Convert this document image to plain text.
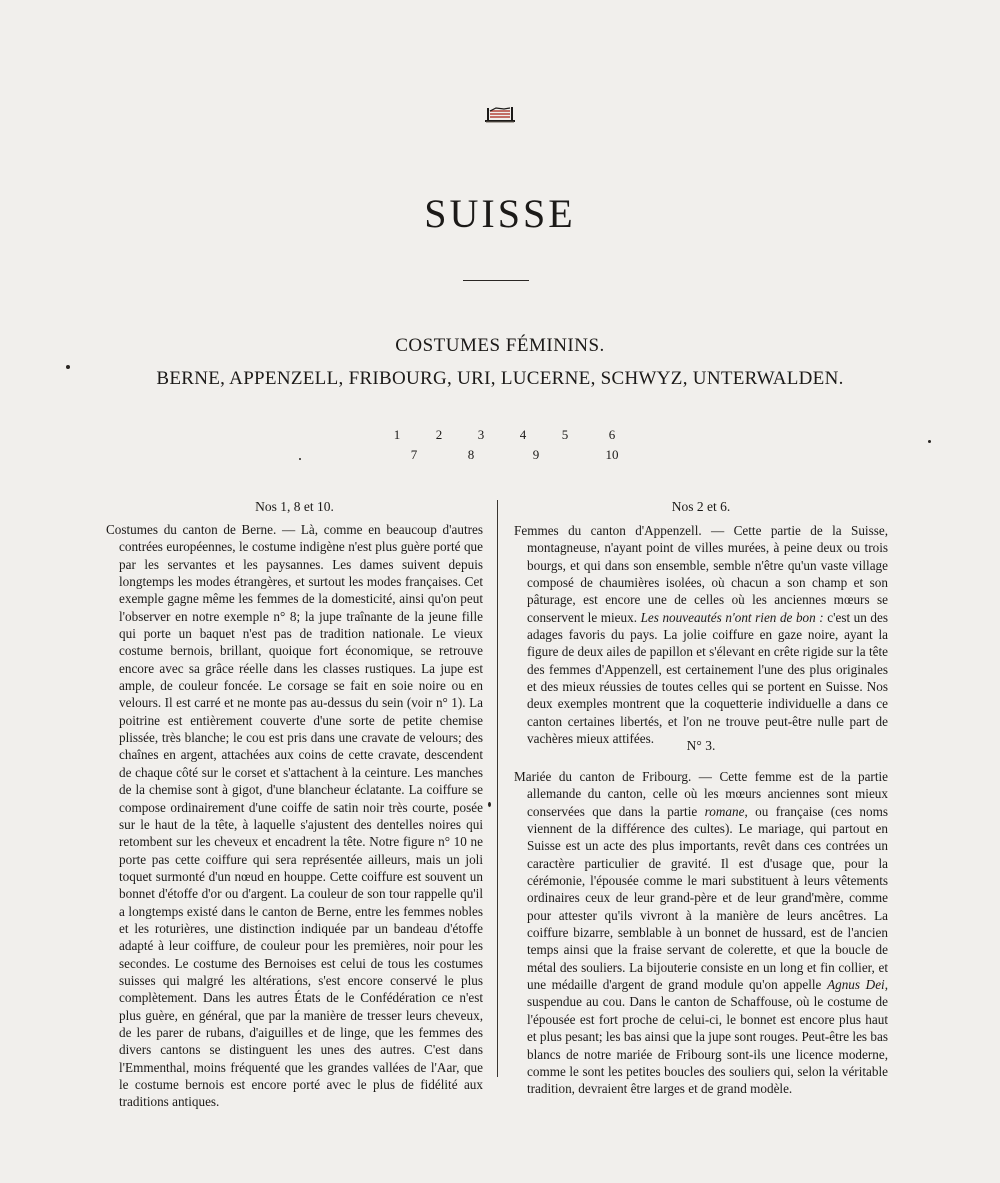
SUISSE
COSTUMES FÉMININS.
BERNE, APPENZELL, FRIBOURG, URI, LUCERNE, SCHWYZ, UNTERWALDEN.
1	2	3	4	5	6
7	8	9	10
Nos 1, 8 et 10.

Costumes du canton de Berne. — Là, comme en beaucoup d'autres contrées européennes, le costume indigène n'est plus guère porté que par les servantes et les paysannes. Les dames suivent depuis longtemps les modes étrangères, et surtout les modes françaises. Cet exemple gagne même les femmes de la domesticité, ainsi qu'on peut l'observer en notre exemple n° 8; la jupe traînante de la jeune fille qui porte un baquet n'est pas de tradition nationale. Le vieux costume bernois, brillant, quoique fort économique, se retrouve encore avec sa grâce réelle dans les classes rustiques. La jupe est ample, de couleur foncée. Le corsage se fait en soie noire ou en velours. Il est carré et ne monte pas au-dessus du sein (voir n° 1). La poitrine est entièrement couverte d'une sorte de petite chemise plissée, très blanche; le cou est pris dans une cravate de velours; des chaînes en argent, attachées aux coins de cette cravate, descendent de chaque côté sur le corset et s'attachent à la ceinture. Les manches de la chemise sont à gigot, d'une blancheur éclatante. La coiffure se compose ordinairement d'une coiffe de satin noir très courte, posée sur le haut de la tête, à laquelle s'ajustent des dentelles noires qui retombent sur les cheveux et encadrent la tête. Notre figure n° 10 ne porte pas cette coiffure qui sera représentée ailleurs, mais un joli toquet surmonté d'un nœud en houppe. Cette coiffure est souvent un bonnet d'étoffe d'or ou d'argent. La couleur de son tour rappelle qu'il a longtemps existé dans le canton de Berne, entre les femmes nobles et les roturières, une distinction indiquée par un bandeau d'étoffe adapté à leur coiffure, de couleur pour les premières, noir pour les secondes. Le costume des Bernoises est celui de tous les costumes suisses qui malgré les altérations, s'est encore conservé le plus complètement. Dans les autres États de le Confédération ce n'est plus guère, en général, que par la manière de tresser leurs cheveux, de les parer de rubans, d'aiguilles et de linge, que les femmes des divers cantons se distinguent les unes des autres. C'est dans l'Emmenthal, moins fréquenté que les grandes vallées de l'Aar, que le costume bernois est encore porté avec le plus de fidélité aux traditions antiques.

Nos 2 et 6.

Femmes du canton d'Appenzell. — Cette partie de la Suisse, montagneuse, n'ayant point de villes murées, à peine deux ou trois bourgs, et qui dans son ensemble, semble n'être qu'un vaste village composé de chaumières isolées, où chacun a son champ et son pâturage, est encore une de celles où les anciennes mœurs se conservent le mieux. Les nouveautés n'ont rien de bon : c'est un des adages favoris du pays. La jolie coiffure en gaze noire, ayant la figure de deux ailes de papillon et s'élevant en crête rigide sur la tête des femmes d'Appenzell, est certainement l'une des plus originales et des mieux réussies de toutes celles qui se portent en Suisse. Nos deux exemples montrent que la coquetterie individuelle a dans ce canton certaines libertés, et l'on ne trouve peut-être nulle part de vachères mieux attifées.	N° 3.

Mariée du canton de Fribourg. — Cette femme est de la partie allemande du canton, celle où les mœurs anciennes sont mieux conservées que dans la partie romane, ou française (ces noms viennent de la différence des cultes). Le mariage, qui partout en Suisse est un acte des plus importants, revêt dans ces contrées un caractère particulier de gravité. Il est d'usage que, pour la cérémonie, l'épousée comme le mari substituent à leurs vêtements ordinaires ceux de leur grand-père et de leur grand'mère, comme pour attester qu'ils vivront à la manière de leurs ancêtres. La coiffure bizarre, semblable à un bonnet de hussard, est de l'ancien temps ainsi que la fraise servant de colerette, et que la boucle de métal des souliers. La bijouterie consiste en un long et fin collier, et une médaille d'argent de grand module qu'on appelle Agnus Dei, suspendue au cou. Dans le canton de Schaffouse, où le costume de l'épousée est fort proche de celui-ci, le bonnet est encore plus haut et plus pesant; les bas ainsi que la jupe sont rouges. Peut-être les bas blancs de notre mariée de Fribourg sont-ils une licence moderne, comme le sont les petites boucles des souliers qui, selon la véritable tradition, devraient être larges et de grand modèle.
